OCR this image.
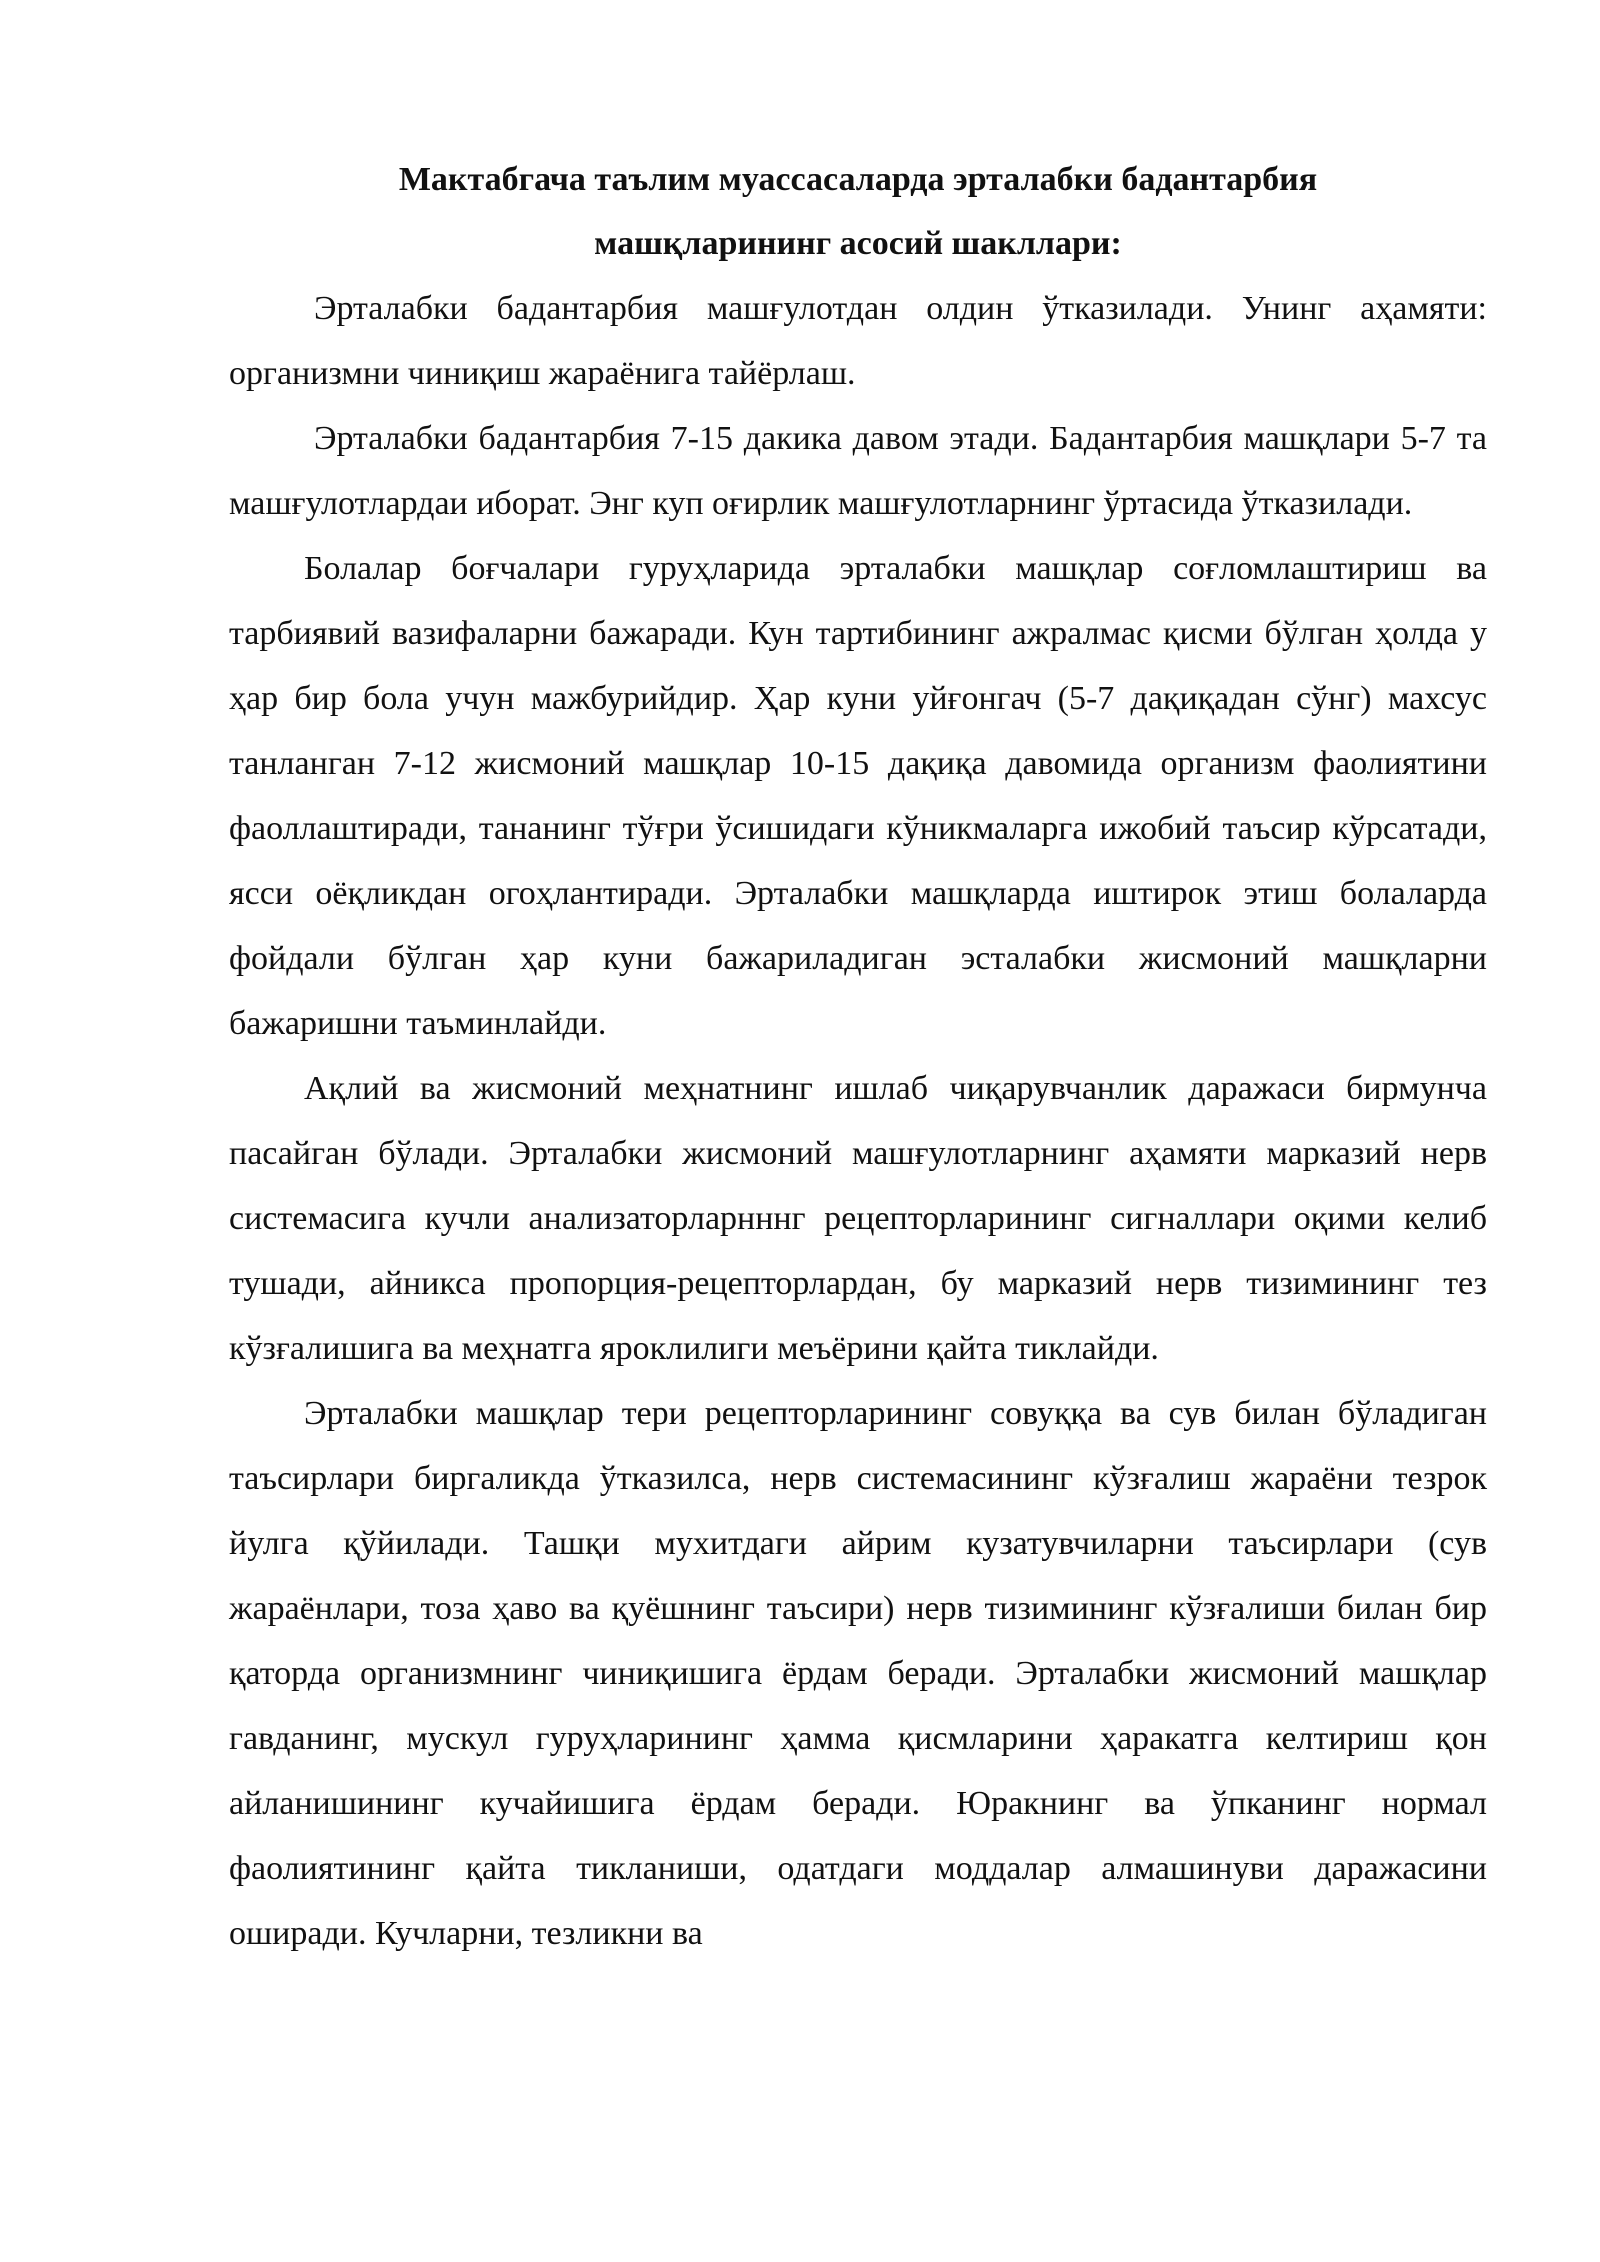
Мактабгача таълим муассасаларда эрталабки бадантарбия
машқларининг асосий шакллари:

Эрталабки бадантарбия машғулотдан олдин ўтказилади. Унинг аҳамяти: организмни чиниқиш жараёнига тайёрлаш.

Эрталабки бадантарбия 7-15 дакика давом этади. Бадантарбия машқлари 5-7 та машғулотлардаи иборат. Энг куп оғирлик машғулотларнинг ўртасида ўтказилади.

Болалар боғчалари гуруҳларида эрталабки машқлар соғломлаштириш ва тарбиявий вазифаларни бажаради. Кун тартибининг ажралмас қисми бўлган ҳолда у ҳар бир бола учун мажбурийдир. Ҳар куни уйғонгач (5-7 дақиқадан сўнг) махсус танланган 7-12 жисмоний машқлар 10-15 дақиқа давомида организм фаолиятини фаоллаштиради, тананинг тўғри ўсишидаги кўникмаларга ижобий таъсир кўрсатади, ясси оёқликдан огоҳлантиради. Эрталабки машқларда иштирок этиш болаларда фойдали бўлган ҳар куни бажариладиган эсталабки жисмоний машқларни бажаришни таъминлайди.

Ақлий ва жисмоний меҳнатнинг ишлаб чиқарувчанлик даражаси бирмунча пасайган бўлади. Эрталабки жисмоний машғулотларнинг аҳамяти марказий нерв системасига кучли анализаторларнннг рецепторларининг сигналлари оқими келиб тушади, айникса пропорция-рецепторлардан, бу марказий нерв тизимининг тез кўзғалишига ва меҳнатга яроклилиги меъёрини қайта тиклайди.

Эрталабки машқлар тери рецепторларининг совуққа ва сув билан бўладиган таъсирлари биргаликда ўтказилса, нерв системасининг кўзғалиш жараёни тезрок йулга қўйилади. Ташқи мухитдаги айрим кузатувчиларни таъсирлари (сув жараёнлари, тоза ҳаво ва қуёшнинг таъсири) нерв тизимининг кўзғалиши билан бир қаторда организмнинг чиниқишига ёрдам беради. Эрталабки жисмоний машқлар гавданинг, мускул гуруҳларининг ҳамма қисмларини ҳаракатга келтириш қон айланишининг кучайишига ёрдам беради. Юракнинг ва ўпканинг нормал фаолиятининг қайта тикланиши, одатдаги моддалар алмашинуви даражасини оширади. Кучларни, тезликни ва
